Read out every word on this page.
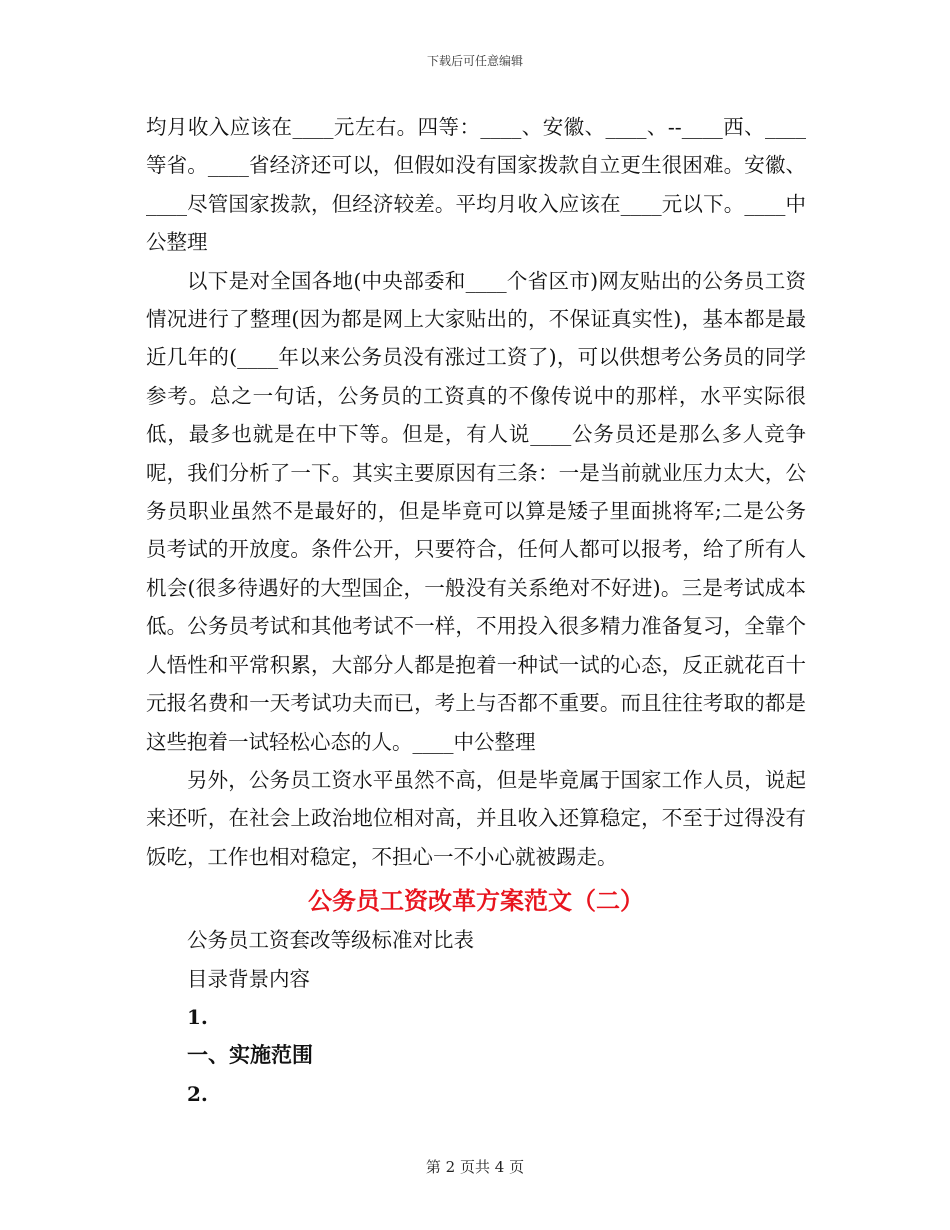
下载后可任意编辑

均月收入应该在____元左右。四等：____、安徽、____、--____西、____等省。____省经济还可以，但假如没有国家拨款自立更生很困难。安徽、____尽管国家拨款，但经济较差。平均月收入应该在____元以下。____中公整理

以下是对全国各地(中央部委和____个省区市)网友贴出的公务员工资情况进行了整理(因为都是网上大家贴出的，不保证真实性)，基本都是最近几年的(____年以来公务员没有涨过工资了)，可以供想考公务员的同学参考。总之一句话，公务员的工资真的不像传说中的那样，水平实际很低，最多也就是在中下等。但是，有人说____公务员还是那么多人竞争呢，我们分析了一下。其实主要原因有三条：一是当前就业压力太大，公务员职业虽然不是最好的，但是毕竟可以算是矮子里面挑将军;二是公务员考试的开放度。条件公开，只要符合，任何人都可以报考，给了所有人机会(很多待遇好的大型国企，一般没有关系绝对不好进)。三是考试成本低。公务员考试和其他考试不一样，不用投入很多精力准备复习，全靠个人悟性和平常积累，大部分人都是抱着一种试一试的心态，反正就花百十元报名费和一天考试功夫而已，考上与否都不重要。而且往往考取的都是这些抱着一试轻松心态的人。____中公整理

另外，公务员工资水平虽然不高，但是毕竟属于国家工作人员，说起来还听，在社会上政治地位相对高，并且收入还算稳定，不至于过得没有饭吃，工作也相对稳定，不担心一不小心就被踢走。

公务员工资改革方案范文（二）

公务员工资套改等级标准对比表

目录背景内容

1.

一、实施范围

2.

第 2 页共 4 页
